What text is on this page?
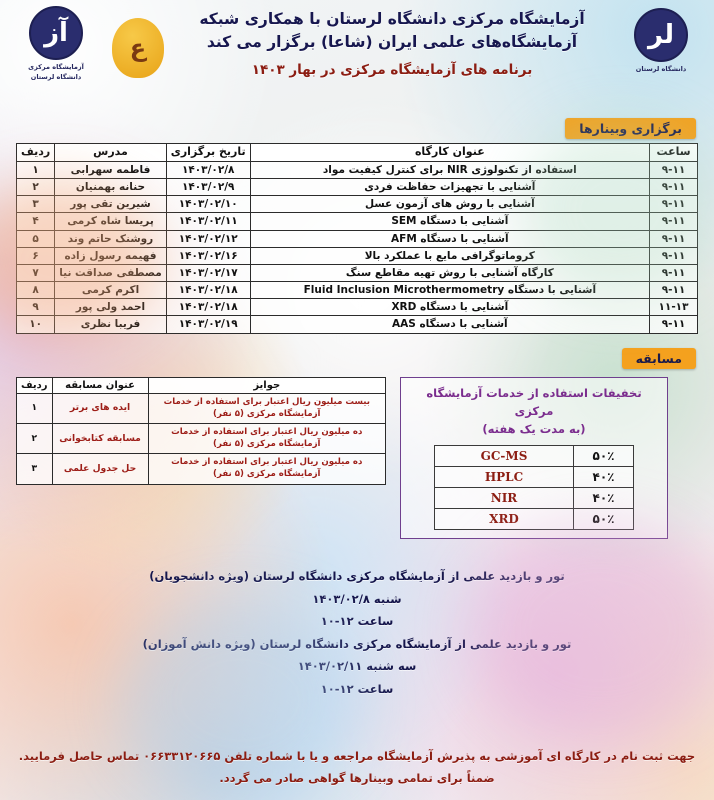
آز
آزمایشگاه مرکزی
دانشگاه لرستان
ع
آزمایشگاه مرکزی دانشگاه لرستان با همکاری شبکه
آزمایشگاه‌های علمی ایران (شاعا) برگزار می کند
برنامه های آزمایشگاه مرکزی در بهار ۱۴۰۳
لر
دانشگاه لرستان
برگزاری وبینارها
ساعت	عنوان کارگاه	تاریخ برگزاری	مدرس	ردیف
۹-۱۱	استفاده از تکنولوژی NIR برای کنترل کیفیت مواد	۱۴۰۳/۰۲/۸	فاطمه سهرابی	۱
۹-۱۱	آشنایی با تجهیزات حفاظت فردی	۱۴۰۳/۰۲/۹	حنانه بهمنیان	۲
۹-۱۱	آشنایی با روش های آزمون عسل	۱۴۰۳/۰۲/۱۰	شیرین تقی پور	۳
۹-۱۱	آشنایی با دستگاه SEM	۱۴۰۳/۰۲/۱۱	پریسا شاه کرمی	۴
۹-۱۱	آشنایی با دستگاه AFM	۱۴۰۳/۰۲/۱۲	روشنک حاتم وند	۵
۹-۱۱	کروماتوگرافی مایع با عملکرد بالا	۱۴۰۳/۰۲/۱۶	فهیمه رسول زاده	۶
۹-۱۱	کارگاه آشنایی با روش تهیه مقاطع سنگ	۱۴۰۳/۰۲/۱۷	مصطفی صداقت نیا	۷
۹-۱۱	آشنایی با دستگاه Fluid Inclusion Microthermometry	۱۴۰۳/۰۲/۱۸	اکرم کرمی	۸
۱۱-۱۳	آشنایی با دستگاه XRD	۱۴۰۳/۰۲/۱۸	احمد ولی پور	۹
۹-۱۱	آشنایی با دستگاه AAS	۱۴۰۳/۰۲/۱۹	فریبا نظری	۱۰
مسابقه
جوایز	عنوان مسابقه	ردیف
بیست میلیون ریال اعتبار برای استفاده از خدمات آزمایشگاه مرکزی (۵ نفر)	ایده های برتر	۱
ده میلیون ریال اعتبار برای استفاده از خدمات آزمایشگاه مرکزی (۵ نفر)	مسابقه کتابخوانی	۲
ده میلیون ریال اعتبار برای استفاده از خدمات آزمایشگاه مرکزی (۵ نفر)	حل جدول علمی	۳
تخفیفات استفاده از خدمات آزمایشگاه مرکزی
(به مدت یک هفته)
۵۰٪	GC-MS
۴۰٪	HPLC
۴۰٪	NIR
۵۰٪	XRD
تور و بازدید علمی از آزمایشگاه مرکزی دانشگاه لرستان (ویژه دانشجویان)
شنبه ۱۴۰۳/۰۲/۸
ساعت ۱۲-۱۰
تور و بازدید علمی از آزمایشگاه مرکزی دانشگاه لرستان (ویژه دانش آموزان)
سه شنبه ۱۴۰۳/۰۲/۱۱
ساعت ۱۲-۱۰
جهت ثبت نام در کارگاه ای آموزشی به پذیرش آزمایشگاه مراجعه و یا با شماره تلفن ۰۶۶۳۳۱۲۰۶۶۵ تماس حاصل فرمایید.
ضمناً برای تمامی وبینارها گواهی صادر می گردد.
